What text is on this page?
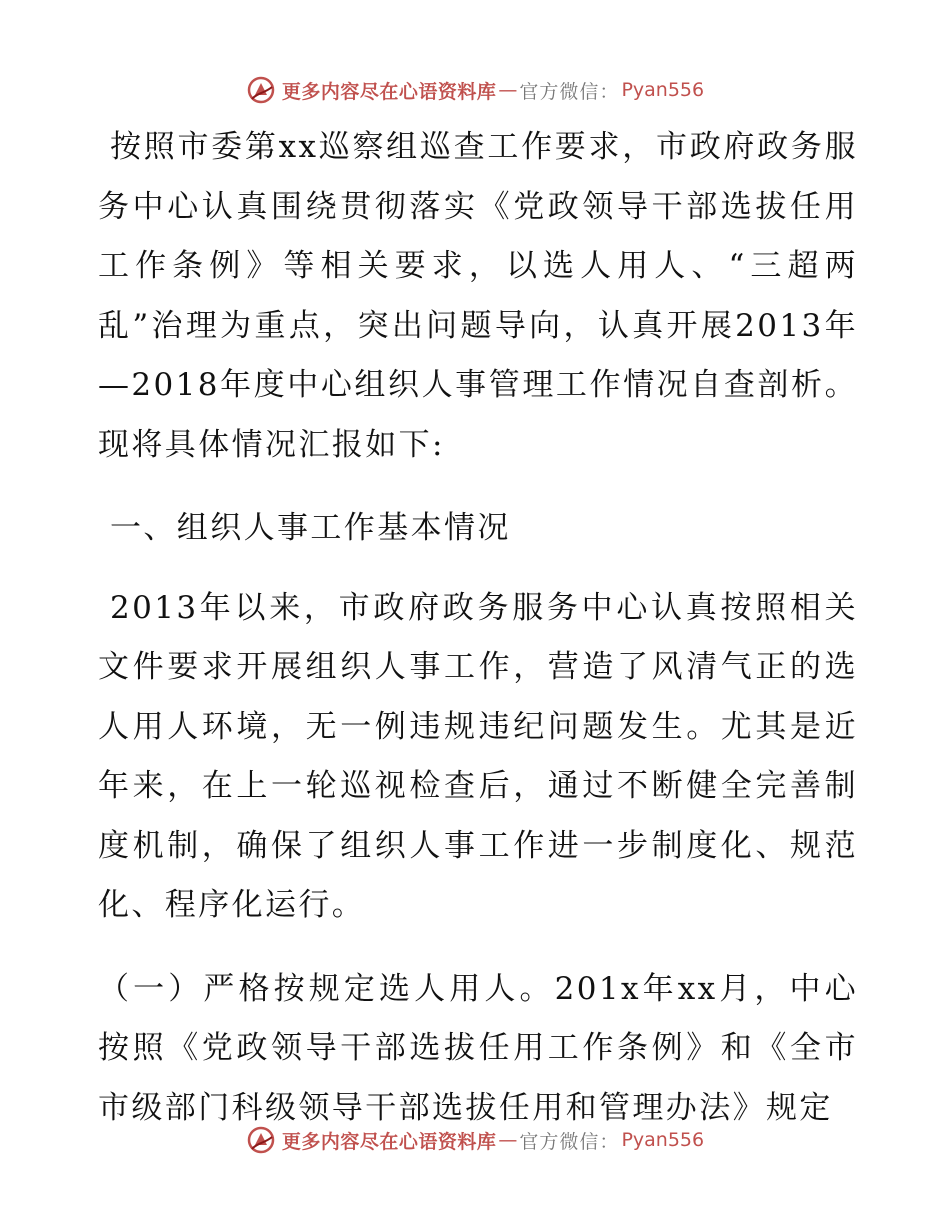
更多内容尽在心语资料库 — 官方微信： Pyan556

按照市委第xx巡察组巡查工作要求，市政府政务服务中心认真围绕贯彻落实《党政领导干部选拔任用工作条例》等相关要求，以选人用人、“三超两乱”治理为重点，突出问题导向，认真开展2013年—2018年度中心组织人事管理工作情况自查剖析。现将具体情况汇报如下:

一、组织人事工作基本情况

2013年以来，市政府政务服务中心认真按照相关文件要求开展组织人事工作，营造了风清气正的选人用人环境，无一例违规违纪问题发生。尤其是近年来，在上一轮巡视检查后，通过不断健全完善制度机制，确保了组织人事工作进一步制度化、规范化、程序化运行。

（一）严格按规定选人用人。201x年xx月，中心按照《党政领导干部选拔任用工作条例》和《全市市级部门科级领导干部选拔任用和管理办法》规定

更多内容尽在心语资料库 — 官方微信： Pyan556
